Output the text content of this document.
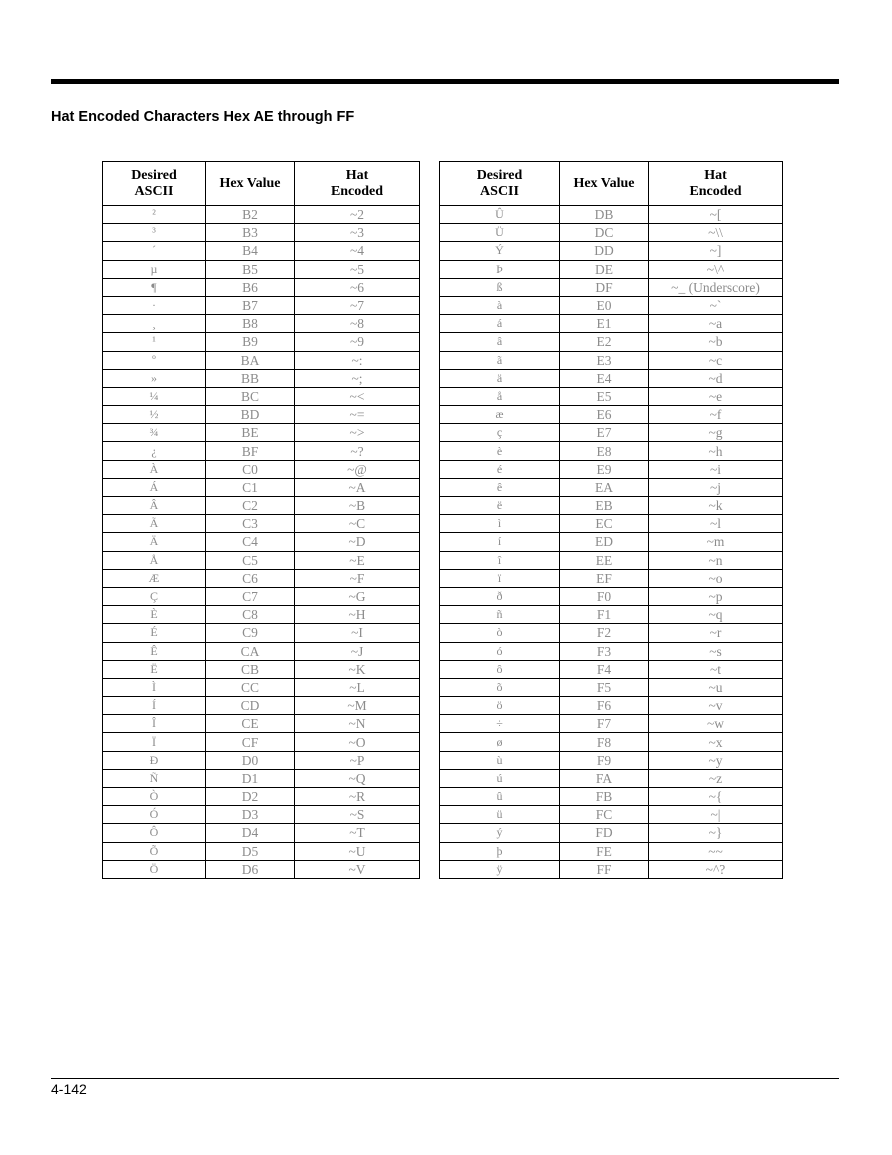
Hat Encoded Characters Hex AE through FF
Desired
ASCII	Hex Value	Hat
Encoded
²	B2	~2
³	B3	~3
´	B4	~4
µ	B5	~5
¶	B6	~6
·	B7	~7
¸	B8	~8
¹	B9	~9
º	BA	~:
»	BB	~;
¼	BC	~<
½	BD	~=
¾	BE	~>
¿	BF	~?
À	C0	~@
Á	C1	~A
Â	C2	~B
Ã	C3	~C
Ä	C4	~D
Å	C5	~E
Æ	C6	~F
Ç	C7	~G
È	C8	~H
É	C9	~I
Ê	CA	~J
Ë	CB	~K
Ì	CC	~L
Í	CD	~M
Î	CE	~N
Ï	CF	~O
Ð	D0	~P
Ñ	D1	~Q
Ò	D2	~R
Ó	D3	~S
Ô	D4	~T
Õ	D5	~U
Ö	D6	~V
Desired
ASCII	Hex Value	Hat
Encoded
Û	DB	~[
Ü	DC	~\\
Ý	DD	~]
Þ	DE	~\^
ß	DF	~_ (Underscore)
à	E0	~`
á	E1	~a
â	E2	~b
ã	E3	~c
ä	E4	~d
å	E5	~e
æ	E6	~f
ç	E7	~g
è	E8	~h
é	E9	~i
ê	EA	~j
ë	EB	~k
ì	EC	~l
í	ED	~m
î	EE	~n
ï	EF	~o
ð	F0	~p
ñ	F1	~q
ò	F2	~r
ó	F3	~s
ô	F4	~t
õ	F5	~u
ö	F6	~v
÷	F7	~w
ø	F8	~x
ù	F9	~y
ú	FA	~z
û	FB	~{
ü	FC	~|
ý	FD	~}
þ	FE	~~
ÿ	FF	~^?
4-142
